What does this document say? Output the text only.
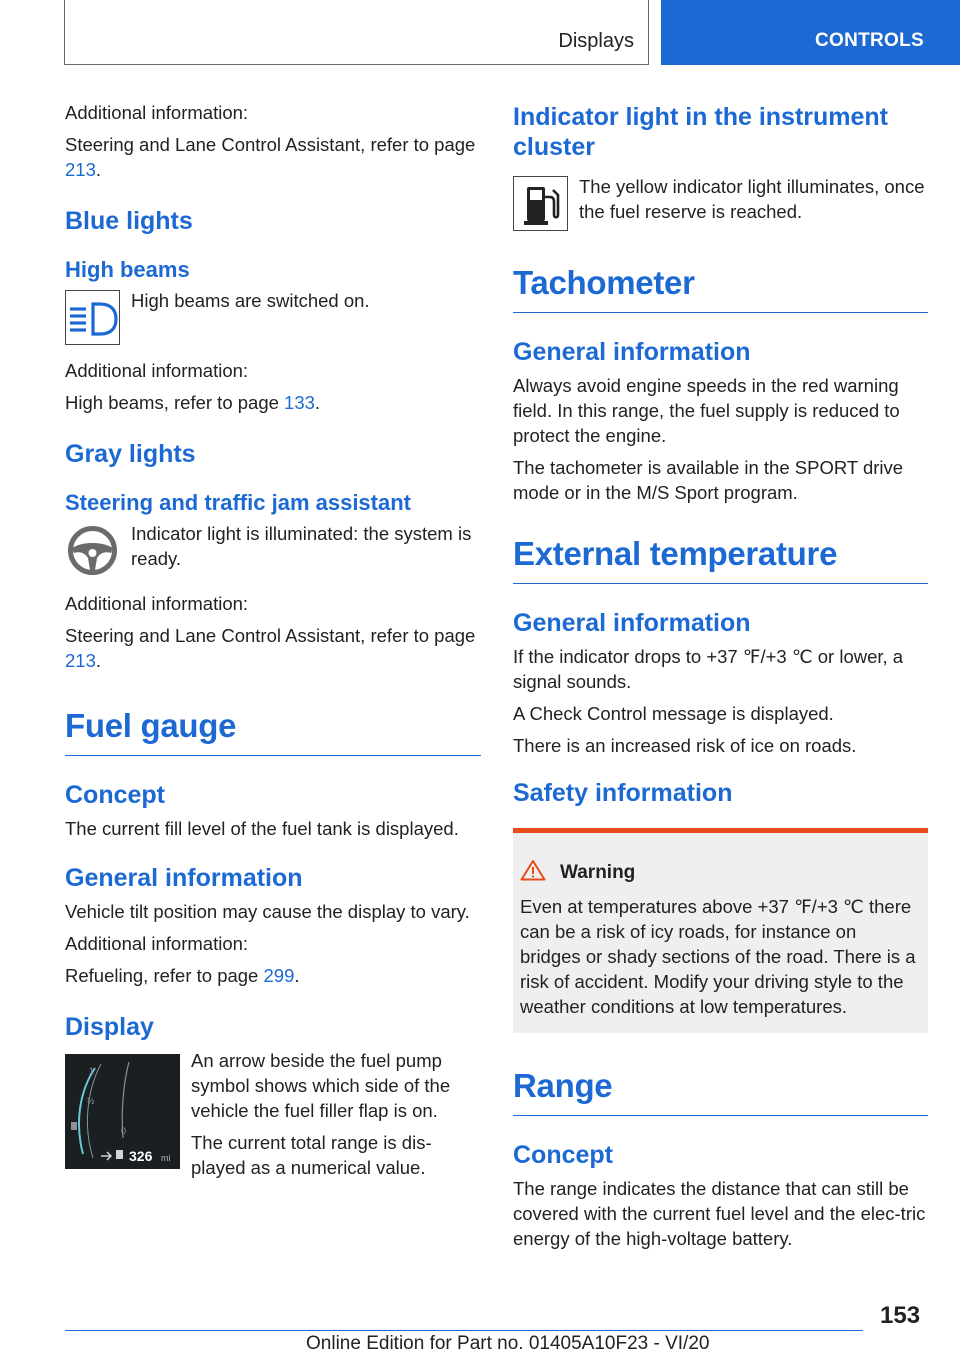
Displays	CONTROLS

Additional information:

Steering and Lane Control Assistant, refer to page 213.

Blue lights
High beams

High beams are switched on.

Additional information:

High beams, refer to page 133.

Gray lights
Steering and traffic jam assistant

Indicator light is illuminated: the system is ready.

Additional information:

Steering and Lane Control Assistant, refer to page 213.

Fuel gauge
Concept

The current fill level of the fuel tank is displayed.

General information

Vehicle tilt position may cause the display to vary.

Additional information:

Refueling, refer to page 299.

Display
1
½
0
326 mi

An arrow beside the fuel pump symbol shows which side of the vehicle the fuel filler flap is on.

The current total range is dis‐played as a numerical value.

Indicator light in the instrument cluster

The yellow indicator light illuminates, once the fuel reserve is reached.

Tachometer
General information

Always avoid engine speeds in the red warning field. In this range, the fuel supply is reduced to protect the engine.

The tachometer is available in the SPORT drive mode or in the M/S Sport program.

External temperature
General information

If the indicator drops to +37 ℉/+3 ℃ or lower, a signal sounds.

A Check Control message is displayed.

There is an increased risk of ice on roads.

Safety information
Warning

Even at temperatures above +37 ℉/+3 ℃ there can be a risk of icy roads, for instance on bridges or shady sections of the road. There is a risk of accident. Modify your driving style to the weather conditions at low temperatures.

Range
Concept

The range indicates the distance that can still be covered with the current fuel level and the elec‐tric energy of the high-voltage battery.

153
Online Edition for Part no. 01405A10F23 - VI/20
